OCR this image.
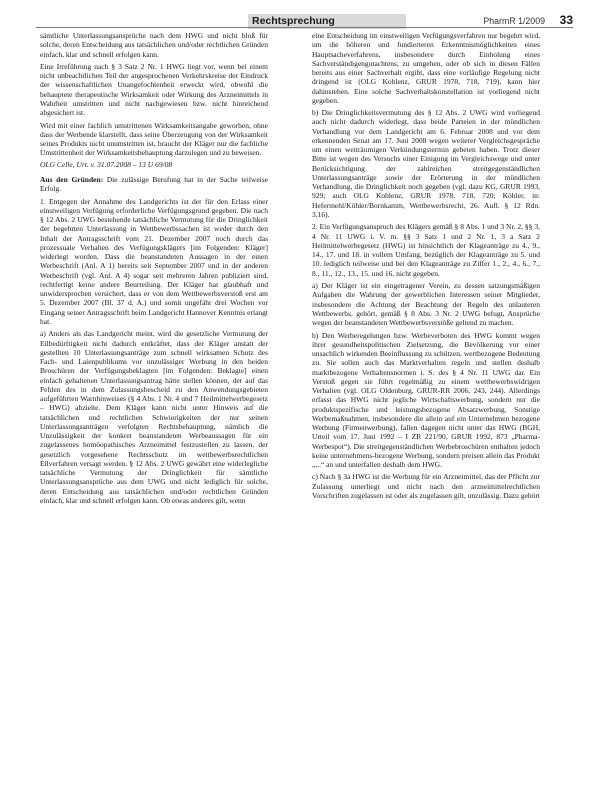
Rechtsprechung	PharmR 1/2009 33

sämtliche Unterlassungsansprüche nach dem HWG und nicht bloß für solche, deren Entscheidung aus tatsächlichen und/oder rechtlichen Gründen einfach, klar und schnell erfolgen kann.

Eine Irreführung nach § 3 Satz 2 Nr. 1 HWG liegt vor, wenn bei einem nicht unbeachtlichen Teil der angesprochenen Verkehrskreise der Eindruck der wissenschaftlichen Unangefochtenheit erweckt wird, obwohl die behauptete therapeutische Wirksamkeit oder Wirkung des Arzneimittels in Wahrheit umstritten und nicht nachgewiesen bzw. nicht hinreichend abgesichert ist.

Wird mit einer fachlich umstrittenen Wirksamkeitsangabe geworben, ohne dass der Werbende klarstellt, dass seine Überzeugung von der Wirksamkeit seines Produkts nicht unumstritten ist, braucht der Kläger nur die fachliche Umstrittenheit der Wirksamkeitsbehauptung darzulegen und zu beweisen.

OLG Celle, Urt. v. 31.07.2008 – 13 U 69/08

Aus den Gründen: Die zulässige Berufung hat in der Sache teilweise Erfolg.

1. Entgegen der Annahme des Landgerichts ist der für den Erlass einer einstweiligen Verfügung erforderliche Verfügungsgrund gegeben. Die nach § 12 Abs. 2 UWG bestehende tatsächliche Vermutung für die Dringlichkeit der begehrten Unterlassung in Wettbewerbssachen ist weder durch den Inhalt der Antragsschrift vom 21. Dezember 2007 noch durch das prozessuale Verhalten des Verfügungsklägers [im Folgenden: Kläger] widerlegt worden. Dass die beanstandeten Aussagen in der einen Werbeschrift (Anl. A 1) bereits seit September 2007 und in der anderen Werbeschrift (vgl. Anl. A 4) sogar seit mehreren Jahren publiziert sind, rechtfertigt keine andere Beurteilung. Der Kläger hat glaubhaft und unwidersprochen versichert, dass er von dem Wettbewerbsverstoß erst am 5. Dezember 2007 (Bl. 37 d. A.) und somit ungefähr drei Wochen vor Eingang seiner Antragsschrift beim Landgericht Hannover Kenntnis erlangt hat.

a) Anders als das Landgericht meint, wird die gesetzliche Vermutung der Eilbedürftigkeit nicht dadurch entkräftet, dass der Kläger anstatt der gestellten 10 Unterlassungsanträge zum schnell wirksamen Schutz des Fach- und Laienpublikums vor unzulässiger Werbung in den beiden Broschüren der Verfügungsbeklagten [im Folgenden: Beklagte] einen einfach gehaltenen Unterlassungsantrag hätte stellen können, der auf das Fehlen des in dem Zulassungsbescheid zu den Anwendungsgebieten aufgeführten Warnhinweises (§ 4 Abs. 1 Nr. 4 und 7 Heilmittelwerbegesetz – HWG) abzielte. Dem Kläger kann nicht unter Hinweis auf die tatsächlichen und rechtlichen Schwierigkeiten der nur seinen Unterlassungsanträgen verfolgten Rechtsbehauptung, nämlich die Unzulässigkeit der konkret beanstandeten Werbeaussagen für ein zugelassenes homöopathisches Arzneimittel festzustellen zu lassen, der gesetzlich vorgesehene Rechtsschutz im wettbewerbsrechtlichen Eilverfahren versagt werden. § 12 Abs. 2 UWG gewährt eine widerlegliche tatsächliche Vermutung der Dringlichkeit für sämtliche Unterlassungsansprüche aus dem UWG und nicht lediglich für solche, deren Entscheidung aus tatsächlichen und/oder rechtlichen Gründen einfach, klar und schnell erfolgen kann. Ob etwas anderes gilt, wenn

eine Entscheidung im einstweiligen Verfügungsverfahren nur begehrt wird, um die höheren und fundierteren Erkenntnismöglichkeiten eines Hauptsacheverfahrens, insbesondere durch Einholung eines Sachverständigengutachtens, zu umgehen, oder ob sich in diesen Fällen bereits aus einer Sachverhalt ergibt, dass eine vorläufige Regelung nicht dringend ist (OLG Koblenz, GRUR 1978, 718, 719), kann hier dahinstehen. Eine solche Sachverhaltskonstellation ist vorliegend nicht gegeben.

b) Die Dringlichkeitsvermutung des § 12 Abs. 2 UWG wird vorliegend auch nicht dadurch widerlegt, dass beide Parteien in der mündlichen Verhandlung vor dem Landgericht am 6. Februar 2008 und vor dem erkennenden Senat am 17. Juni 2008 wegen weiterer Vergleichsgespräche um einen weiträumigen Verkündungstermin gebeten haben. Trotz dieser Bitte ist wegen des Versuchs einer Einigung im Vergleichswege und unter Berücksichtigung der zahlreichen streitgegenständlichen Unterlassungsanträge sowie der Erörterung in der mündlichen Verhandlung, die Dringlichkeit noch gegeben (vgl. dazu KG, GRUR 1993, 929; auch OLG Koblenz, GRUR 1978, 718, 720; Köhler, in: Hefermehl/Köhler/Bornkamm, Wettbewerbsrecht, 26. Aufl. § 12 Rdn. 3.16).

2. Ein Verfügungsanspruch des Klägers gemäß § 8 Abs. 1 und 3 Nr. 2, §§ 3, 4 Nr. 11 UWG i. V. m. §§ 3 Satz 1 und 2 Nr. 1, 3 a Satz 2 Heilmittelwerbegesetz (HWG) ist hinsichtlich der Klageanträge zu 4., 9., 14., 17. und 18. in vollem Umfang, bezüglich der Klageanträge zu 5. und 10. lediglich teilweise und bei den Klageanträge zu Ziffer 1., 2., 4., 6., 7., 8., 11., 12., 13., 15. und 16. nicht gegeben.

a) Der Kläger ist ein eingetragener Verein, zu dessen satzungsmäßigen Aufgaben die Wahrung der gewerblichen Interessen seiner Mitglieder, insbesondere die Achtung der Beachtung der Regeln des unlauteren Wettbewerbs, gehört, gemäß § 8 Abs. 3 Nr. 2 UWG befugt, Ansprüche wegen der beanstandeten Wettbewerbsverstöße geltend zu machen.

b) Den Werberegelungen bzw. Werbeverboten des HWG kommt wegen ihrer gesundheitspolitischen Zielsetzung, die Bevölkerung vor einer unsachlich wirkenden Beeinflussung zu schützen, wertbezogene Bedeutung zu. Sie sollen auch das Marktverhalten regeln und stellen deshalb marktbezogene Verhaltensnormen i. S. des § 4 Nr. 11 UWG dar. Ein Verstoß gegen sie führt regelmäßig zu einem wettbewerbswidrigen Verhalten (vgl. OLG Oldenburg, GRUR-RR 2006, 243, 244). Allerdings erfasst das HWG nicht jegliche Wirtschaftswerbung, sondern nur die produktspezifische und leistungsbezogene Absatzwerbung. Sonstige Werbemaßnahmen, insbesondere die allein auf ein Unternehmen bezogene Werbung (Firmenwerbung), fallen dagegen nicht unter das HWG (BGH, Urteil vom 17. Juni 1992 – I ZR 221/90, GRUR 1992, 873 „Pharma-Werbespot“). Die streitgegenständlichen Werbebroschüren enthalten jedoch keine unternehmens-bezogene Werbung, sondern preisen allein das Produkt „...“ an und unterfallen deshalb dem HWG.

c) Nach § 3a HWG ist die Werbung für ein Arzneimittel, das der Pflicht zur Zulassung unterliegt und nicht nach den arzneimittelrechtlichen Vorschriften zugelassen ist oder als zugelassen gilt, unzulässig. Dazu gehört
